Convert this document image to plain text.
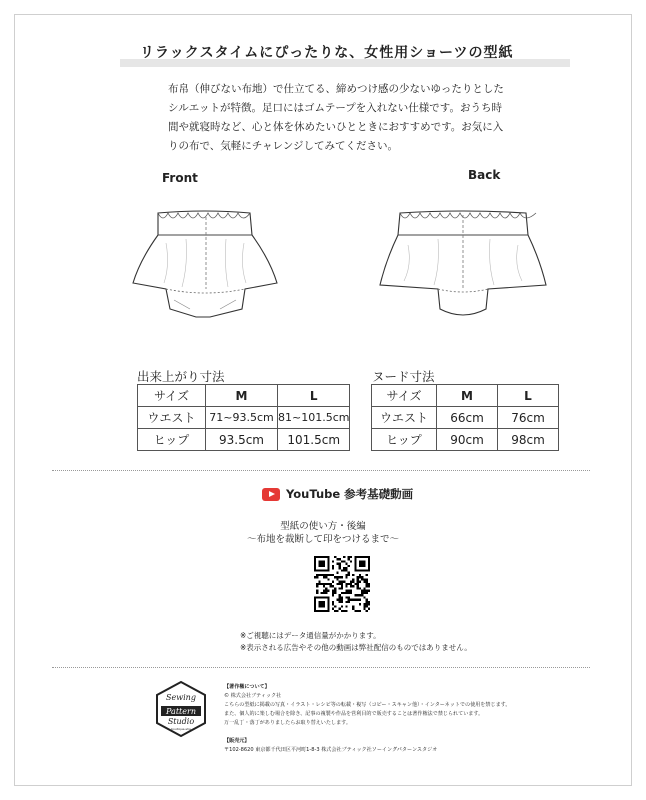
リラックスタイムにぴったりな、女性用ショーツの型紙

布帛（伸びない布地）で仕立てる、締めつけ感の少ないゆったりとした

シルエットが特徴。足口にはゴムテープを入れない仕様です。おうち時

間や就寝時など、心と体を休めたいひとときにおすすめです。お気に入

りの布で、気軽にチャレンジしてみてください。

Front	Back
出来上がり寸法
サイズ	M	L
ウエスト	71~93.5cm	81~101.5cm
ヒップ	93.5cm	101.5cm
ヌード寸法
サイズ	M	L
ウエスト	66cm	76cm
ヒップ	90cm	98cm
YouTube 参考基礎動画
型紙の使い方・後編
～布地を裁断して印をつけるまで～

※ご視聴にはデータ通信量がかかります。

※表示される広告やその他の動画は弊社配信のものではありません。

Sewing
Pattern
Studio
boutique-sha

【著作権について】

© 株式会社ブティック社

こちらの型紙に掲載の写真・イラスト・レシピ等の転載・複写（コピー・スキャン他）・インターネットでの使用を禁じます。

また、個人的に楽しむ場合を除き、記事の複製や作品を営利目的で販売することは著作権法で禁じられています。

万一乱丁・落丁がありましたらお取り替えいたします。

【販売元】

〒102-8620 東京都千代田区平河町1-8-3 株式会社ブティック社ソーイングパターンスタジオ
